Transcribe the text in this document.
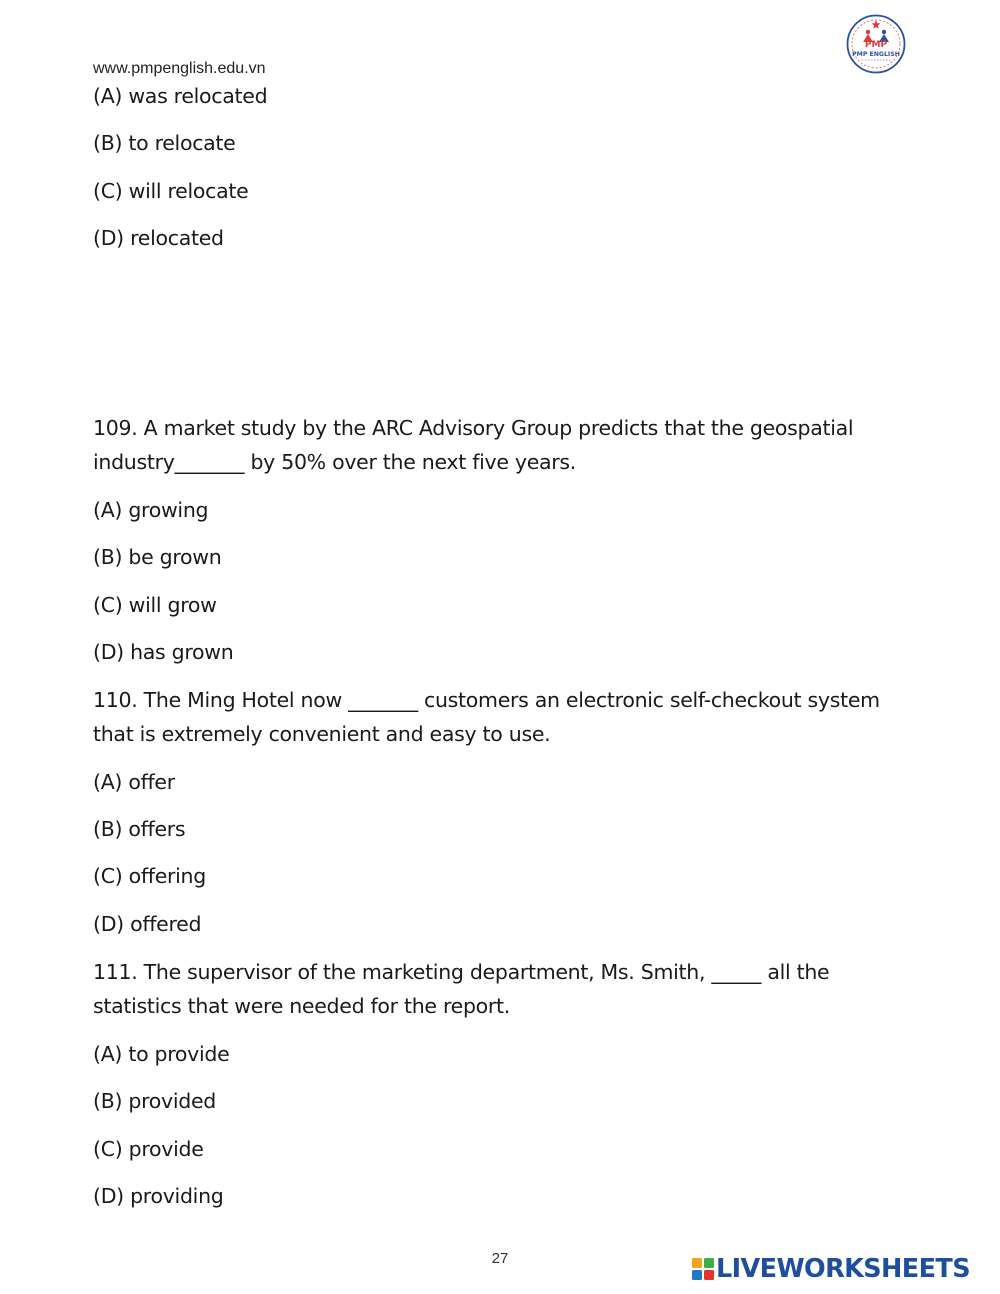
www.pmpenglish.edu.vn
PMP
PMP ENGLISH

(A) was relocated

(B) to relocate

(C) will relocate

(D) relocated

109. A market study by the ARC Advisory Group predicts that the geospatial

industry_______ by 50% over the next five years.

(A) growing

(B) be grown

(C) will grow

(D) has grown

110. The Ming Hotel now _______ customers an electronic self-checkout system

that is extremely convenient and easy to use.

(A) offer

(B) offers

(C) offering

(D) offered

111. The supervisor of the marketing department, Ms. Smith, _____ all the

statistics that were needed for the report.

(A) to provide

(B) provided

(C) provide

(D) providing

27	LIVEWORKSHEETS
